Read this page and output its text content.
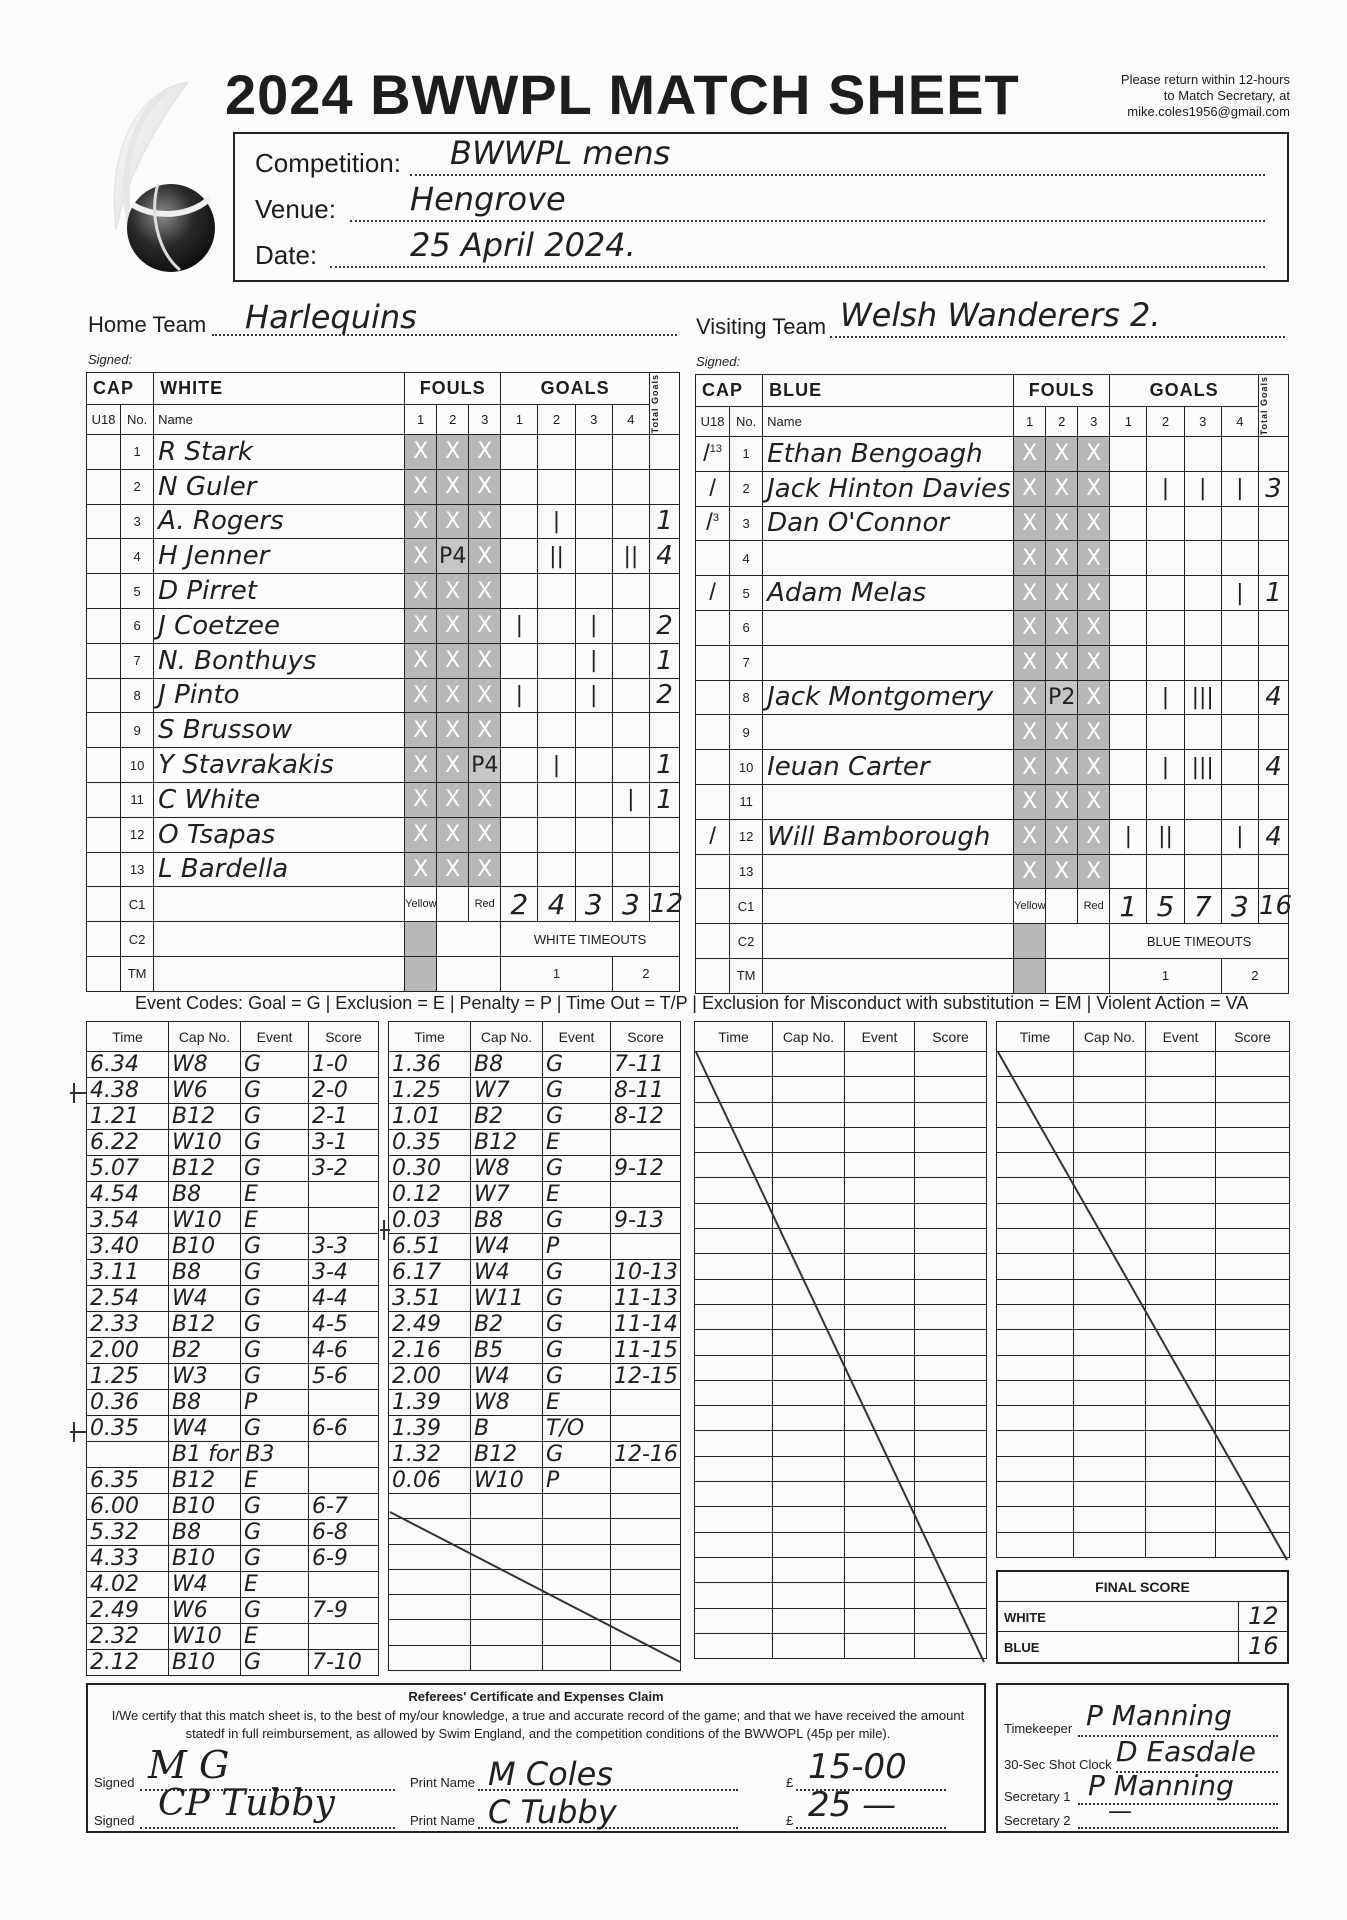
2024 BWWPL MATCH SHEET	Please return within 12-hours
to Match Secretary, at
mike.coles1956@gmail.com
Competition: BWWPL mens
Venue: Hengrove
Date:	25 April 2024.
Home Team Harlequins
Signed:
Visiting Team Welsh Wanderers 2.
Signed:
CAP		WHITE	FOULS			GOALS				Total Goals

U18	No.	Name	1	2	3	1	2	3	4	
	1	R Stark	X	X	X					
	2	N Guler	X	X	X					
	3	A. Rogers	X	X	X		|			1
	4	H Jenner	X	P4	X		||		||	4
	5	D Pirret	X	X	X					
	6	J Coetzee	X	X	X	|		|		2
	7	N. Bonthuys	X	X	X			|		1
	8	J Pinto	X	X	X	|		|		2
	9	S Brussow	X	X	X					
	10	Y Stavrakakis	X	X	P4		|			1
	11	C White	X	X	X				|	1
	12	O Tsapas	X	X	X					
	13	L Bardella	X	X	X					
	C1		Yellow		Red	2	4	3	3	12
	C2					WHITE TIMEOUTS				
	TM					1			2	
CAP		BLUE	FOULS			GOALS				Total Goals

U18	No.	Name	1	2	3	1	2	3	4	
/$^{13}$	1	Ethan Bengoagh	X	X	X					
/	2	Jack Hinton Davies	X	X	X		|	|	|	3
/$^3$	3	Dan O'Connor	X	X	X					
	4		X	X	X					
/	5	Adam Melas	X	X	X				|	1
	6		X	X	X					
	7		X	X	X					
	8	Jack Montgomery	X	P2	X		|	|||		4
	9		X	X	X					
	10	Ieuan Carter	X	X	X		|	|||		4
	11		X	X	X					
/	12	Will Bamborough	X	X	X	|	||		|	4
	13		X	X	X					
	C1		Yellow		Red	1	5	7	3	16
	C2					BLUE TIMEOUTS				
	TM					1			2	
Event Codes: Goal = G | Exclusion = E | Penalty = P | Time Out = T/P | Exclusion for Misconduct with substitution = EM | Violent Action = VA
Time	Cap No.	Event	Score
6.34	W8	G	1-0
4.38	W6	G	2-0
1.21	B12	G	2-1
6.22	W10	G	3-1
5.07	B12	G	3-2
4.54	B8	E	
3.54	W10	E	
3.40	B10	G	3-3
3.11	B8	G	3-4
2.54	W4	G	4-4
2.33	B12	G	4-5
2.00	B2	G	4-6
1.25	W3	G	5-6
0.36	B8	P	
0.35	W4	G	6-6
	B1 for B3		
6.35	B12	E	
6.00	B10	G	6-7
5.32	B8	G	6-8
4.33	B10	G	6-9
4.02	W4	E	
2.49	W6	G	7-9
2.32	W10	E	
2.12	B10	G	7-10
Time	Cap No.	Event	Score
1.36	B8	G	7-11
1.25	W7	G	8-11
1.01	B2	G	8-12
0.35	B12	E	
0.30	W8	G	9-12
0.12	W7	E	
0.03	B8	G	9-13
6.51	W4	P	
6.17	W4	G	10-13
3.51	W11	G	11-13
2.49	B2	G	11-14
2.16	B5	G	11-15
2.00	W4	G	12-15
1.39	W8	E	
1.39	B	T/O	
1.32	B12	G	12-16
0.06	W10	P	

Time	Cap No.	Event	Score

				Time	Cap No.	Event	Score

FINAL SCORE
WHITE	12
BLUE	16
Referees' Certificate and Expenses Claim
I/We certify that this match sheet is, to the best of my/our knowledge, a true and accurate record of the game; and that we have received the amount statedf in full reimbursement, as allowed by Swim England, and the competition conditions of the BWWOPL (45p per mile).
Signed M G	Print Name M Coles	£ 15-00
Signed CP Tubby	Print Name C Tubby	£ 25 —
Timekeeper P Manning
30-Sec Shot Clock D Easdale
Secretary 1 P Manning
Secretary 2 —
